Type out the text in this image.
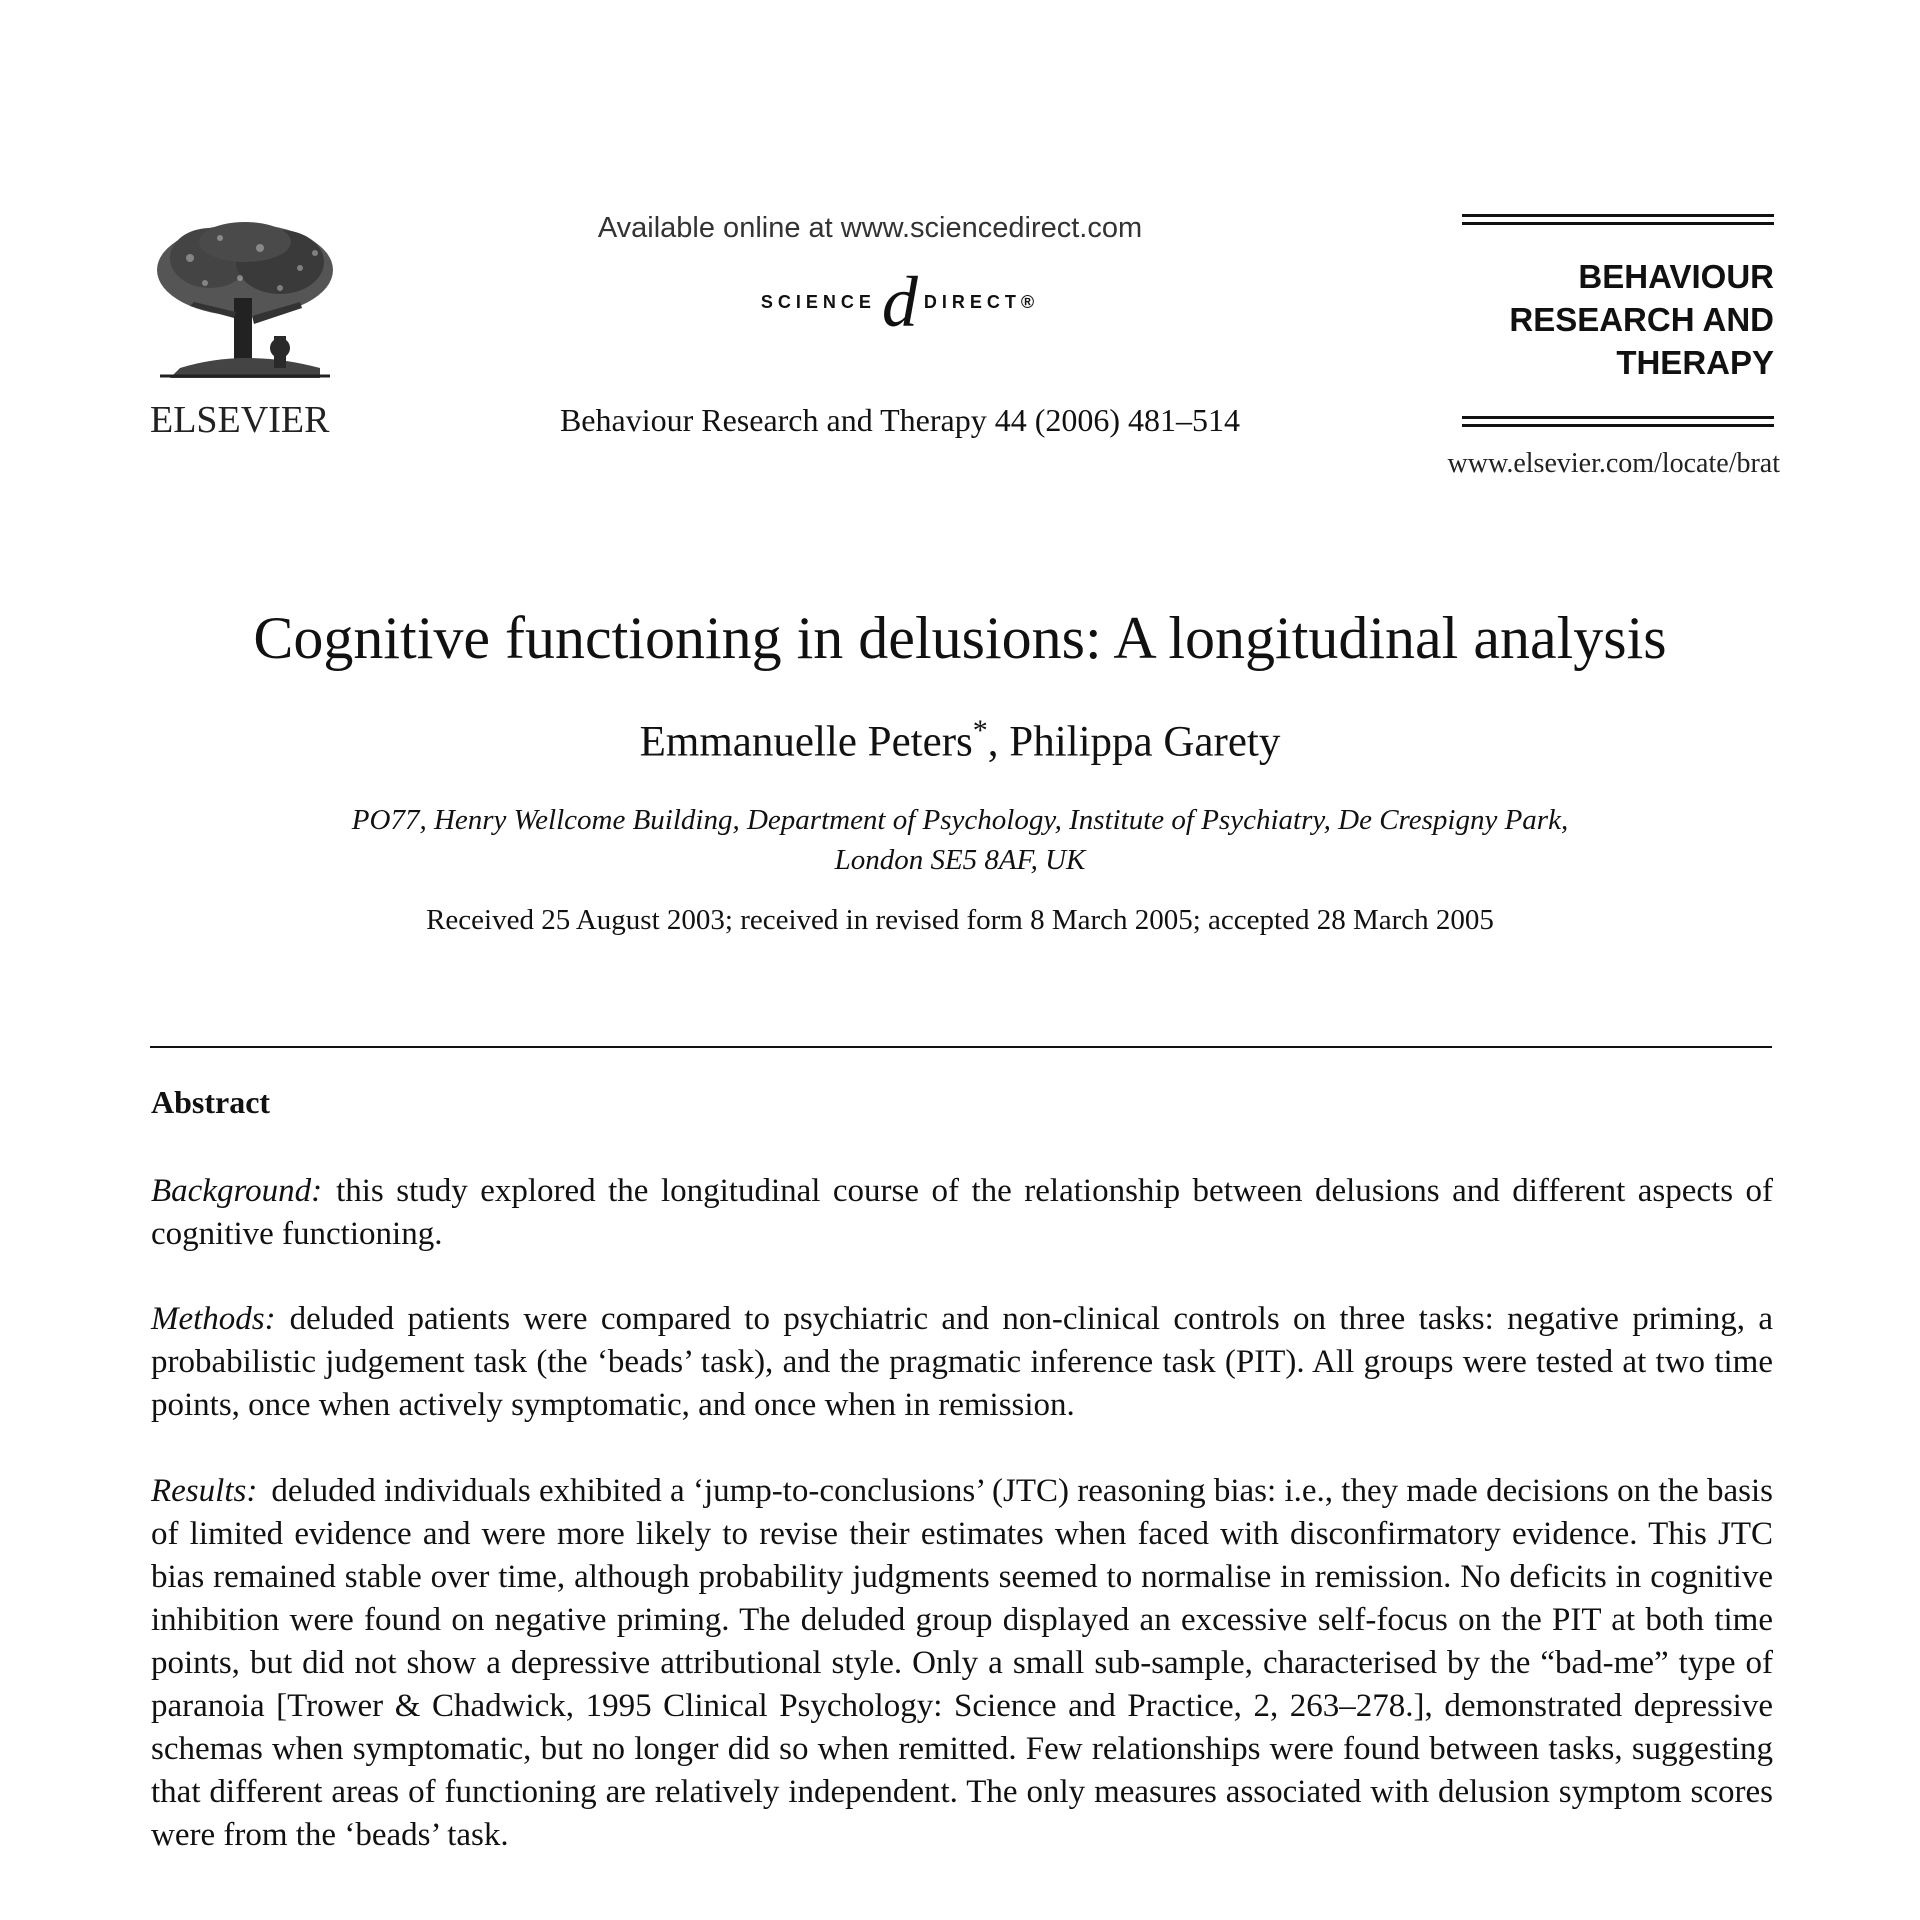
ELSEVIER
Available online at www.sciencedirect.com
SCIENCE d DIRECT®
Behaviour Research and Therapy 44 (2006) 481–514
BEHAVIOUR
RESEARCH AND
THERAPY
www.elsevier.com/locate/brat
Cognitive functioning in delusions: A longitudinal analysis
Emmanuelle Peters*, Philippa Garety
PO77, Henry Wellcome Building, Department of Psychology, Institute of Psychiatry, De Crespigny Park,
London SE5 8AF, UK
Received 25 August 2003; received in revised form 8 March 2005; accepted 28 March 2005
Abstract

Background: this study explored the longitudinal course of the relationship between delusions and different aspects of cognitive functioning.

Methods: deluded patients were compared to psychiatric and non-clinical controls on three tasks: negative priming, a probabilistic judgement task (the ‘beads’ task), and the pragmatic inference task (PIT). All groups were tested at two time points, once when actively symptomatic, and once when in remission.

Results: deluded individuals exhibited a ‘jump-to-conclusions’ (JTC) reasoning bias: i.e., they made decisions on the basis of limited evidence and were more likely to revise their estimates when faced with disconfirmatory evidence. This JTC bias remained stable over time, although probability judgments seemed to normalise in remission. No deficits in cognitive inhibition were found on negative priming. The deluded group displayed an excessive self-focus on the PIT at both time points, but did not show a depressive attributional style. Only a small sub-sample, characterised by the “bad-me” type of paranoia [Trower & Chadwick, 1995 Clinical Psychology: Science and Practice, 2, 263–278.], demonstrated depressive schemas when symptomatic, but no longer did so when remitted. Few relationships were found between tasks, suggesting that different areas of functioning are relatively independent. The only measures associated with delusion symptom scores were from the ‘beads’ task.
